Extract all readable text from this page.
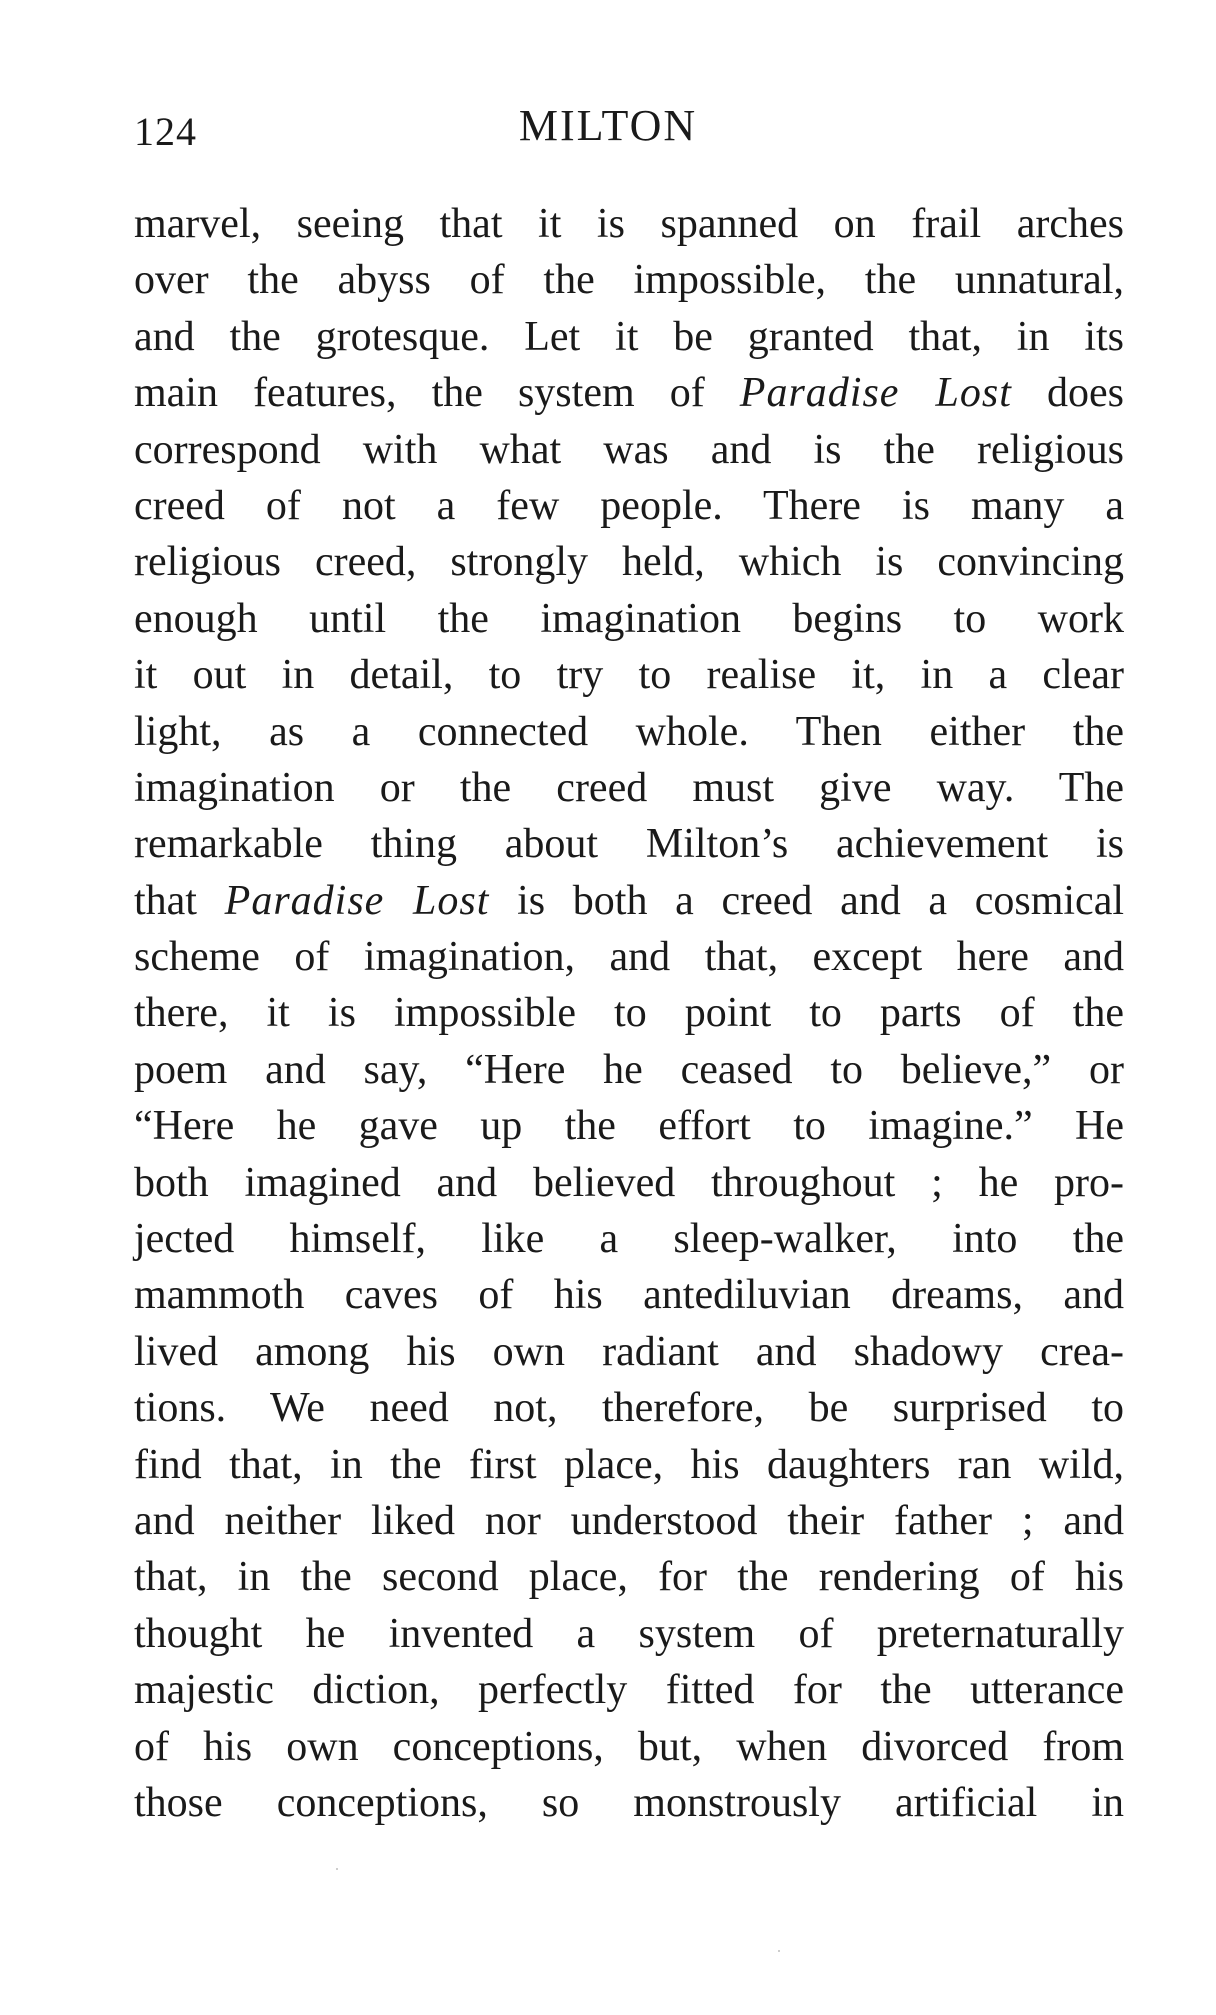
124	MILTON
marvel, seeing that it is spanned on frail arches
over the abyss of the impossible, the unnatural,
and the grotesque. Let it be granted that, in its
main features, the system of Paradise Lost does
correspond with what was and is the religious
creed of not a few people. There is many a
religious creed, strongly held, which is convincing
enough until the imagination begins to work
it out in detail, to try to realise it, in a clear
light, as a connected whole. Then either the
imagination or the creed must give way. The
remarkable thing about Milton’s achievement is
that Paradise Lost is both a creed and a cosmical
scheme of imagination, and that, except here and
there, it is impossible to point to parts of the
poem and say, “Here he ceased to believe,” or
“Here he gave up the effort to imagine.” He
both imagined and believed throughout ; he pro-
jected himself, like a sleep-walker, into the
mammoth caves of his antediluvian dreams, and
lived among his own radiant and shadowy crea-
tions. We need not, therefore, be surprised to
find that, in the first place, his daughters ran wild,
and neither liked nor understood their father ; and
that, in the second place, for the rendering of his
thought he invented a system of preternaturally
majestic diction, perfectly fitted for the utterance
of his own conceptions, but, when divorced from
those conceptions, so monstrously artificial in
